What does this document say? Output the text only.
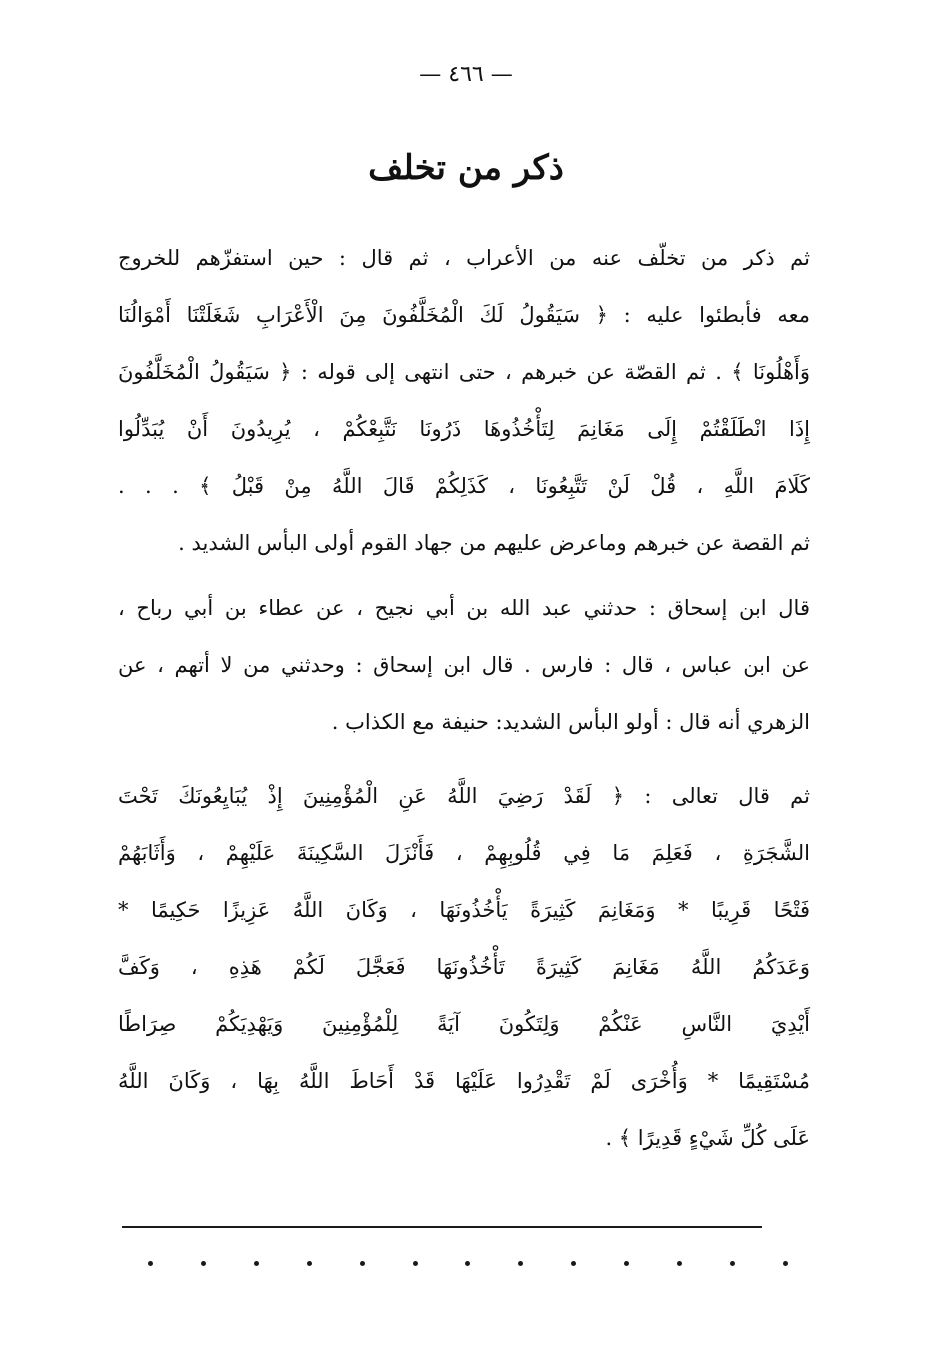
— ٤٦٦ —
ذكر من تخلف
ثم ذكر من تخلّف عنه من الأعراب ، ثم قال : حين استفزّهم للخروج
معه فأبطئوا عليه : ﴿ سَيَقُولُ لَكَ الْمُخَلَّفُونَ مِنَ الْأَعْرَابِ شَغَلَتْنَا أَمْوَالُنَا
وَأَهْلُونَا ﴾ . ثم القصّة عن خبرهم ، حتى انتهى إلى قوله : ﴿ سَيَقُولُ الْمُخَلَّفُونَ
إِذَا انْطَلَقْتُمْ إِلَى مَغَانِمَ لِتَأْخُذُوهَا ذَرُونَا نَتَّبِعْكُمْ ، يُرِيدُونَ أَنْ يُبَدِّلُوا
كَلَامَ اللَّهِ ، قُلْ لَنْ تَتَّبِعُونَا ، كَذَلِكُمْ قَالَ اللَّهُ مِنْ قَبْلُ ﴾ . . .
ثم القصة عن خبرهم وماعرض عليهم من جهاد القوم أولى البأس الشديد .
قال ابن إسحاق : حدثني عبد الله بن أبي نجيح ، عن عطاء بن أبي رباح ،
عن ابن عباس ، قال : فارس . قال ابن إسحاق : وحدثني من لا أتهم ، عن
الزهري أنه قال : أولو البأس الشديد: حنيفة مع الكذاب .
ثم قال تعالى : ﴿ لَقَدْ رَضِيَ اللَّهُ عَنِ الْمُؤْمِنِينَ إِذْ يُبَايِعُونَكَ تَحْتَ
الشَّجَرَةِ ، فَعَلِمَ مَا فِي قُلُوبِهِمْ ، فَأَنْزَلَ السَّكِينَةَ عَلَيْهِمْ ، وَأَثَابَهُمْ
فَتْحًا قَرِيبًا * وَمَغَانِمَ كَثِيرَةً يَأْخُذُونَهَا ، وَكَانَ اللَّهُ عَزِيزًا حَكِيمًا *
وَعَدَكُمُ اللَّهُ مَغَانِمَ كَثِيرَةً تَأْخُذُونَهَا فَعَجَّلَ لَكُمْ هَذِهِ ، وَكَفَّ
أَيْدِيَ النَّاسِ عَنْكُمْ وَلِتَكُونَ آيَةً لِلْمُؤْمِنِينَ وَيَهْدِيَكُمْ صِرَاطًا
مُسْتَقِيمًا * وَأُخْرَى لَمْ تَقْدِرُوا عَلَيْهَا قَدْ أَحَاطَ اللَّهُ بِهَا ، وَكَانَ اللَّهُ
عَلَى كُلِّ شَيْءٍ قَدِيرًا ﴾ .
